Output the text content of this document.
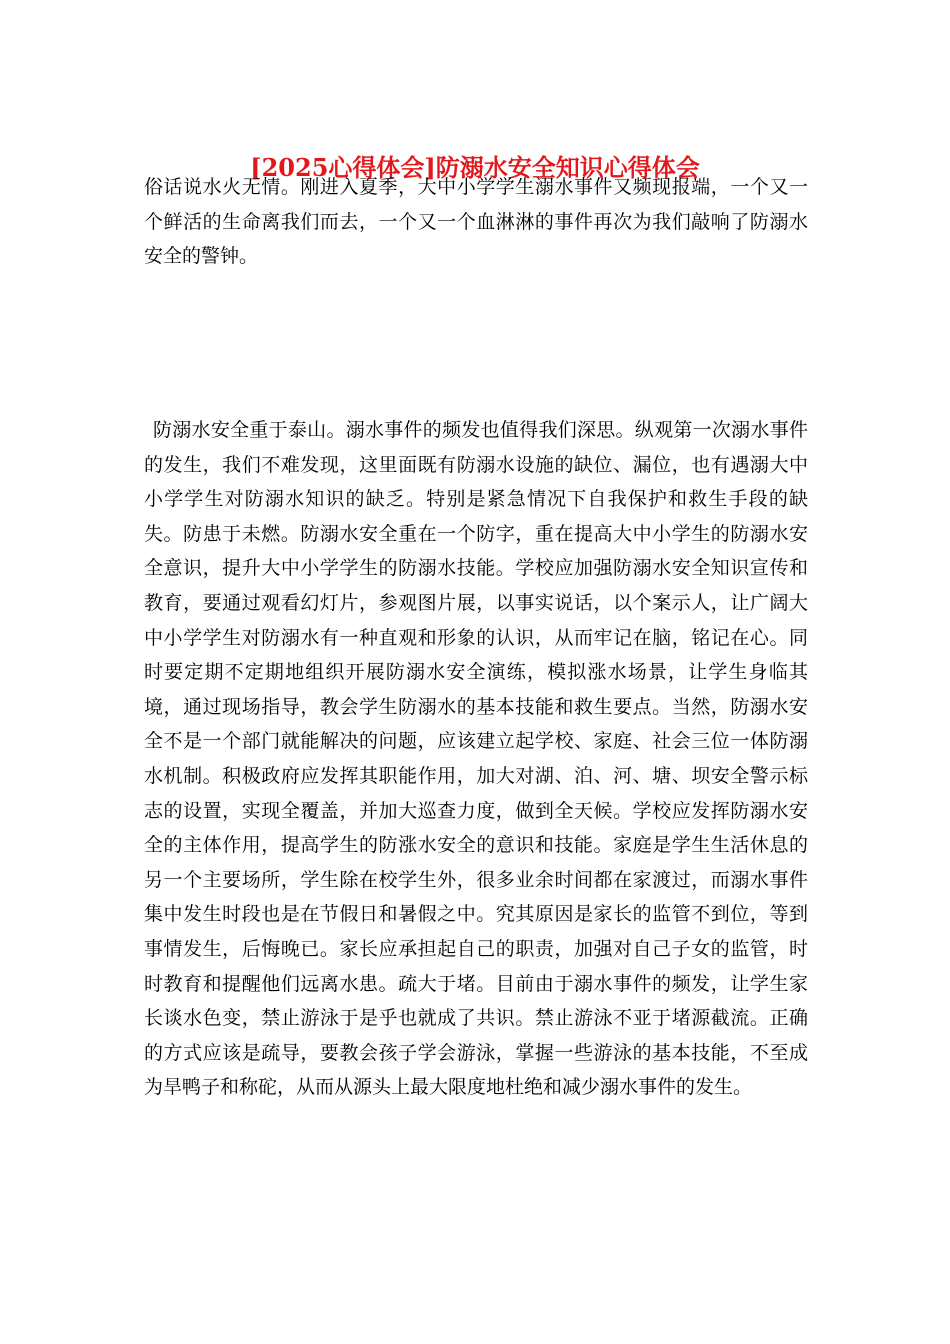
[2025心得体会]防溺水安全知识心得体会

俗话说水火无情。刚进入夏季，大中小学学生溺水事件又频现报端，一个又一个鲜活的生命离我们而去，一个又一个血淋淋的事件再次为我们敲响了防溺水安全的警钟。

防溺水安全重于泰山。溺水事件的频发也值得我们深思。纵观第一次溺水事件的发生，我们不难发现，这里面既有防溺水设施的缺位、漏位，也有遇溺大中小学学生对防溺水知识的缺乏。特别是紧急情况下自我保护和救生手段的缺失。防患于未燃。防溺水安全重在一个防字，重在提高大中小学生的防溺水安全意识，提升大中小学学生的防溺水技能。学校应加强防溺水安全知识宣传和教育，要通过观看幻灯片，参观图片展，以事实说话，以个案示人，让广阔大中小学学生对防溺水有一种直观和形象的认识，从而牢记在脑，铭记在心。同时要定期不定期地组织开展防溺水安全演练，模拟涨水场景，让学生身临其境，通过现场指导，教会学生防溺水的基本技能和救生要点。当然，防溺水安全不是一个部门就能解决的问题，应该建立起学校、家庭、社会三位一体防溺水机制。积极政府应发挥其职能作用，加大对湖、泊、河、塘、坝安全警示标志的设置，实现全覆盖，并加大巡查力度，做到全天候。学校应发挥防溺水安全的主体作用，提高学生的防涨水安全的意识和技能。家庭是学生生活休息的另一个主要场所，学生除在校学生外，很多业余时间都在家渡过，而溺水事件集中发生时段也是在节假日和暑假之中。究其原因是家长的监管不到位，等到事情发生，后悔晚已。家长应承担起自己的职责，加强对自己子女的监管，时时教育和提醒他们远离水患。疏大于堵。目前由于溺水事件的频发，让学生家长谈水色变，禁止游泳于是乎也就成了共识。禁止游泳不亚于堵源截流。正确的方式应该是疏导，要教会孩子学会游泳，掌握一些游泳的基本技能，不至成为旱鸭子和称砣，从而从源头上最大限度地杜绝和减少溺水事件的发生。
